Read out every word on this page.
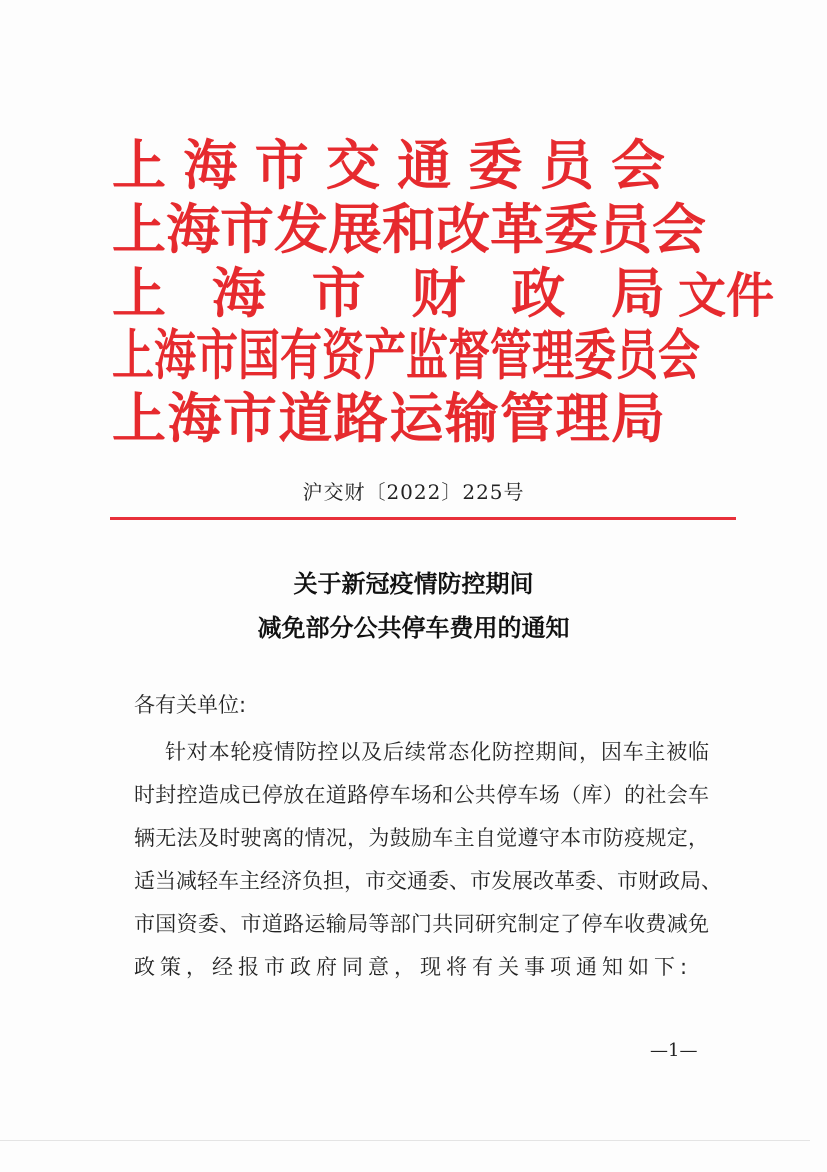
上海市交通委员会
上海市发展和改革委员会
上海市财政局
上海市国有资产监督管理委员会
上海市道路运输管理局
文件
沪交财〔2022〕225号
关于新冠疫情防控期间
减免部分公共停车费用的通知
各有关单位:
针对本轮疫情防控以及后续常态化防控期间，因车主被临
时封控造成已停放在道路停车场和公共停车场（库）的社会车
辆无法及时驶离的情况，为鼓励车主自觉遵守本市防疫规定，
适当减轻车主经济负担，市交通委、市发展改革委、市财政局、
市国资委、市道路运输局等部门共同研究制定了停车收费减免
政策，经报市政府同意，现将有关事项通知如下:
—1—
